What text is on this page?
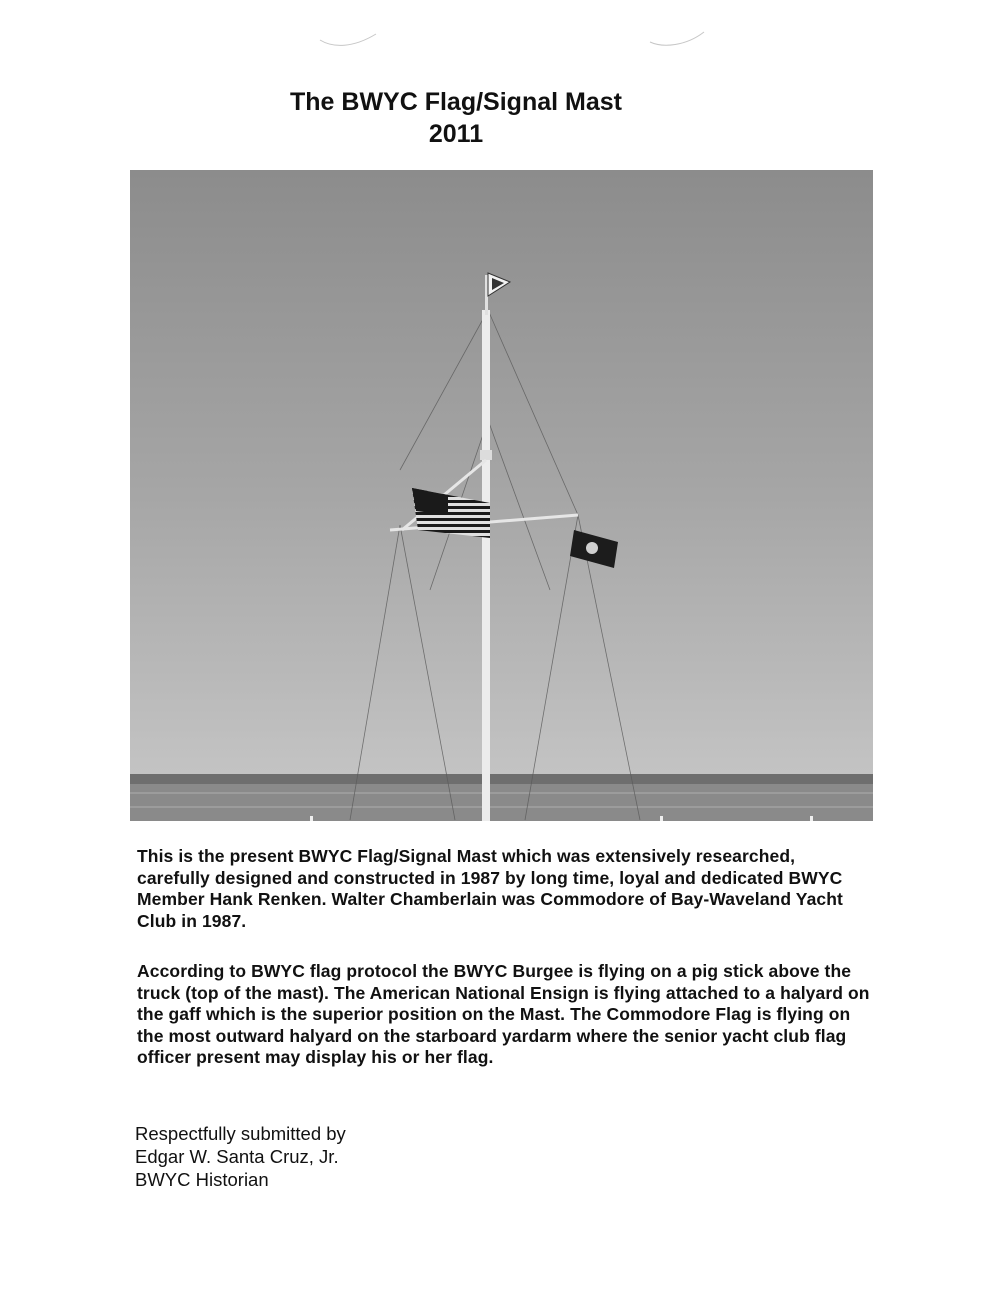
The BWYC Flag/Signal Mast

2011

This is the present BWYC Flag/Signal Mast which was extensively researched, carefully designed and constructed in 1987 by long time, loyal and dedicated BWYC Member Hank Renken. Walter Chamberlain was Commodore of Bay-Waveland Yacht Club in 1987.

According to BWYC flag protocol the BWYC Burgee is flying on a pig stick above the truck (top of the mast). The American National Ensign is flying attached to a halyard on the gaff which is the superior position on the Mast. The Commodore Flag is flying on the most outward halyard on the starboard yardarm where the senior yacht club flag officer present may display his or her flag.

Respectfully submitted by
Edgar W. Santa Cruz, Jr.
BWYC Historian
